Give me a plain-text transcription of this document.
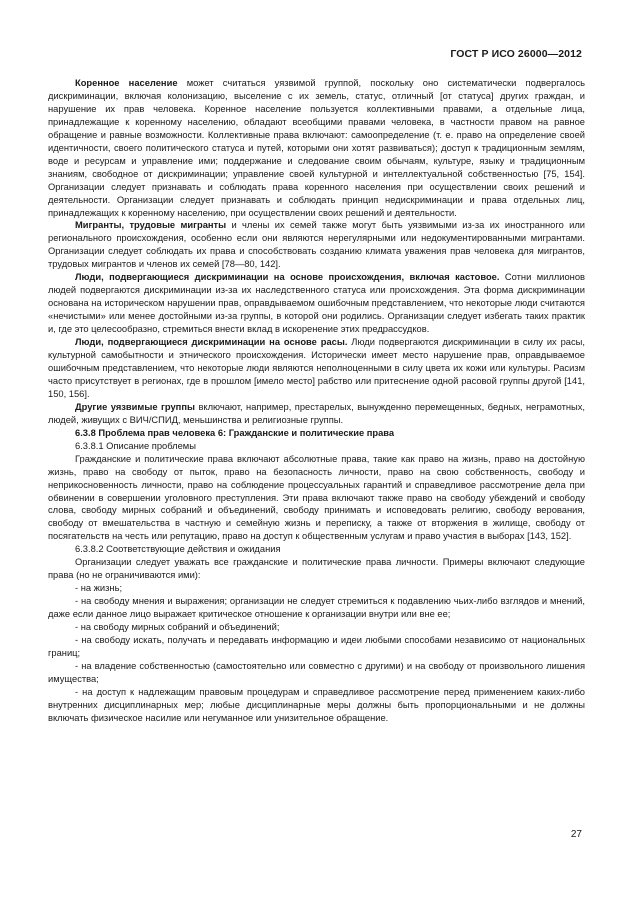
ГОСТ Р ИСО 26000—2012

Коренное население может считаться уязвимой группой, поскольку оно систематически подвергалось дискриминации, включая колонизацию, выселение с их земель, статус, отличный [от статуса] других граждан, и нарушение их прав человека. Коренное население пользуется коллективными правами, а отдельные лица, принадлежащие к коренному населению, обладают всеобщими правами человека, в частности правом на равное обращение и равные возможности. Коллективные права включают: самоопределение (т. е. право на определение своей идентичности, своего политического статуса и путей, которыми они хотят развиваться); доступ к традиционным землям, воде и ресурсам и управление ими; поддержание и следование своим обычаям, культуре, языку и традиционным знаниям, свободное от дискриминации; управление своей культурной и интеллектуальной собственностью [75, 154]. Организации следует признавать и соблюдать права коренного населения при осуществлении своих решений и деятельности. Организации следует признавать и соблюдать принцип недискриминации и права отдельных лиц, принадлежащих к коренному населению, при осуществлении своих решений и деятельности.

Мигранты, трудовые мигранты и члены их семей также могут быть уязвимыми из-за их иностранного или регионального происхождения, особенно если они являются нерегулярными или недокументированными мигрантами. Организации следует соблюдать их права и способствовать созданию климата уважения прав человека для мигрантов, трудовых мигрантов и членов их семей [78—80, 142].

Люди, подвергающиеся дискриминации на основе происхождения, включая кастовое. Сотни миллионов людей подвергаются дискриминации из-за их наследственного статуса или происхождения. Эта форма дискриминации основана на историческом нарушении прав, оправдываемом ошибочным представлением, что некоторые люди считаются «нечистыми» или менее достойными из-за группы, в которой они родились. Организации следует избегать таких практик и, где это целесообразно, стремиться внести вклад в искоренение этих предрассудков.

Люди, подвергающиеся дискриминации на основе расы. Люди подвергаются дискриминации в силу их расы, культурной самобытности и этнического происхождения. Исторически имеет место нарушение прав, оправдываемое ошибочным представлением, что некоторые люди являются неполноценными в силу цвета их кожи или культуры. Расизм часто присутствует в регионах, где в прошлом [имело место] рабство или притеснение одной расовой группы другой [141, 150, 156].

Другие уязвимые группы включают, например, престарелых, вынужденно перемещенных, бедных, неграмотных, людей, живущих с ВИЧ/СПИД, меньшинства и религиозные группы.

6.3.8 Проблема прав человека 6: Гражданские и политические права

6.3.8.1 Описание проблемы

Гражданские и политические права включают абсолютные права, такие как право на жизнь, право на достойную жизнь, право на свободу от пыток, право на безопасность личности, право на свою собственность, свободу и неприкосновенность личности, право на соблюдение процессуальных гарантий и справедливое рассмотрение дела при обвинении в совершении уголовного преступления. Эти права включают также право на свободу убеждений и свободу слова, свободу мирных собраний и объединений, свободу принимать и исповедовать религию, свободу верования, свободу от вмешательства в частную и семейную жизнь и переписку, а также от вторжения в жилище, свободу от посягательств на честь или репутацию, право на доступ к общественным услугам и право участия в выборах [143, 152].

6.3.8.2 Соответствующие действия и ожидания

Организации следует уважать все гражданские и политические права личности. Примеры включают следующие права (но не ограничиваются ими):

- на жизнь;

- на свободу мнения и выражения; организации не следует стремиться к подавлению чьих-либо взглядов и мнений, даже если данное лицо выражает критическое отношение к организации внутри или вне ее;

- на свободу мирных собраний и объединений;

- на свободу искать, получать и передавать информацию и идеи любыми способами независимо от национальных границ;

- на владение собственностью (самостоятельно или совместно с другими) и на свободу от произвольного лишения имущества;

- на доступ к надлежащим правовым процедурам и справедливое рассмотрение перед применением каких-либо внутренних дисциплинарных мер; любые дисциплинарные меры должны быть пропорциональными и не должны включать физическое насилие или негуманное или унизительное обращение.

27
